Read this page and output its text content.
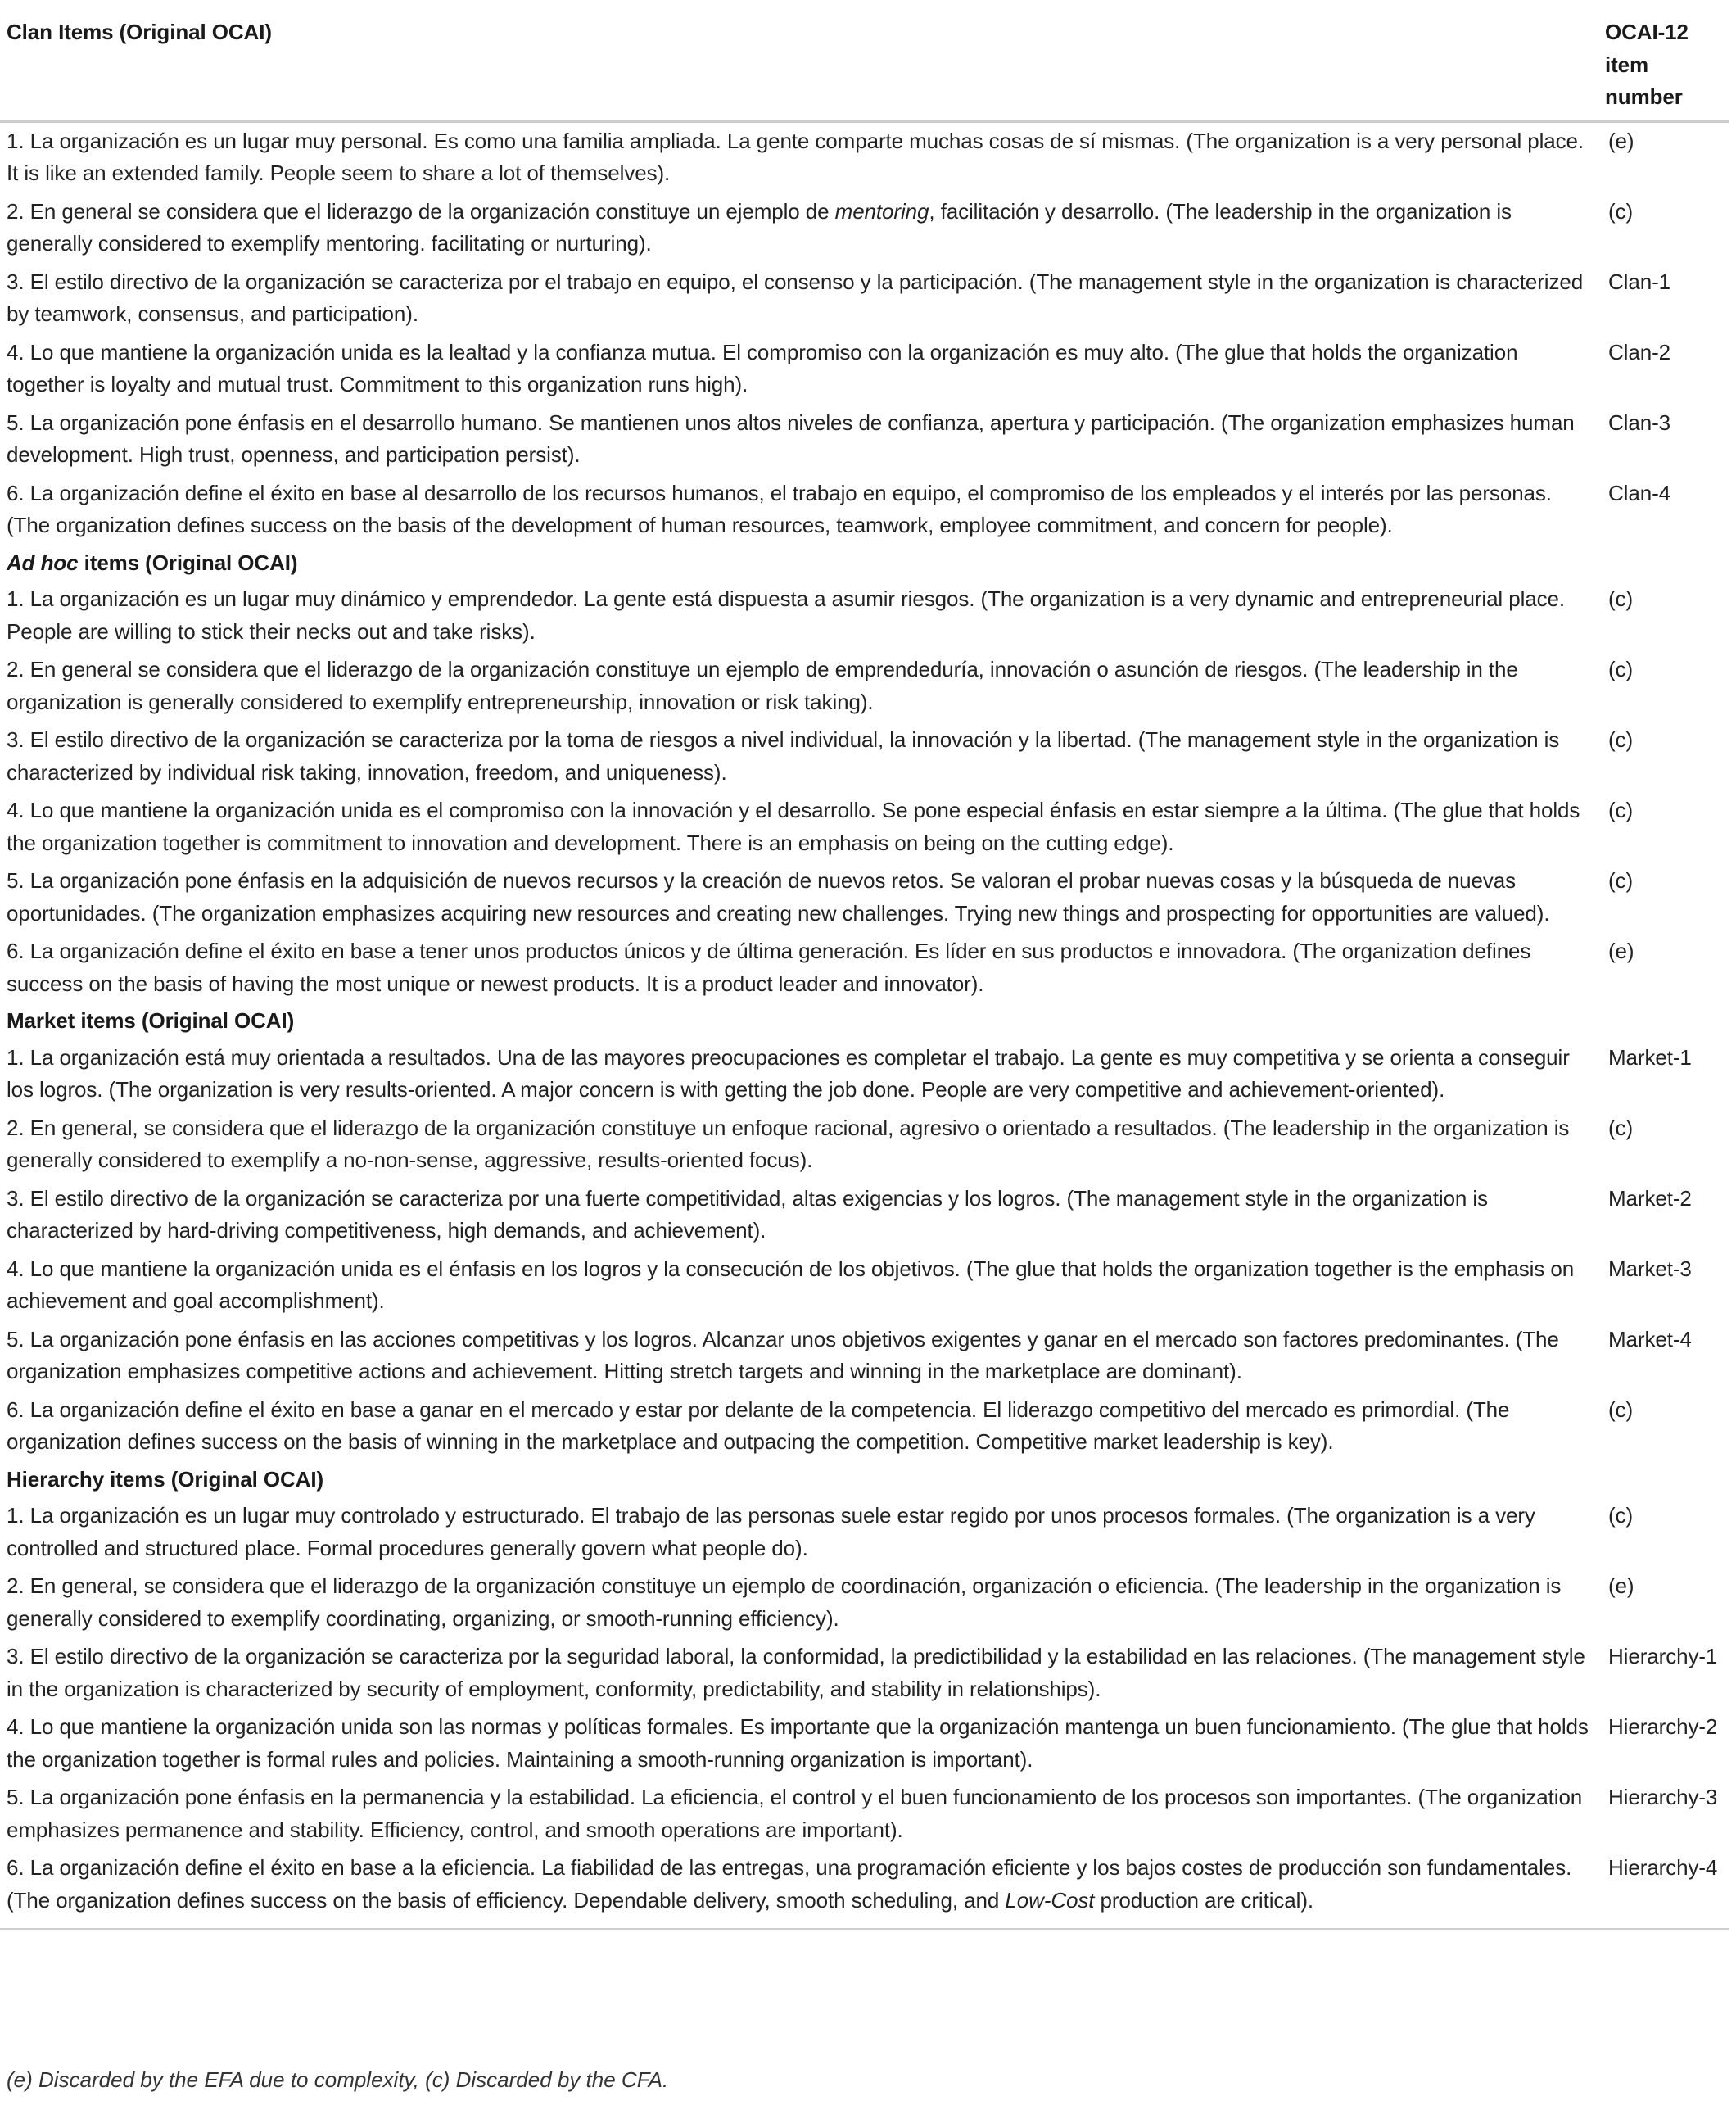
Clan Items (Original OCAI)	OCAI-12 item number

1. La organización es un lugar muy personal. Es como una familia ampliada. La gente comparte muchas cosas de sí mismas. (The organization is a very personal place. It is like an extended family. People seem to share a lot of themselves).	(e)
2. En general se considera que el liderazgo de la organización constituye un ejemplo de mentoring, facilitación y desarrollo. (The leadership in the organization is generally considered to exemplify mentoring. facilitating or nurturing).	(c)
3. El estilo directivo de la organización se caracteriza por el trabajo en equipo, el consenso y la participación. (The management style in the organization is characterized by teamwork, consensus, and participation).	Clan-1
4. Lo que mantiene la organización unida es la lealtad y la confianza mutua. El compromiso con la organización es muy alto. (The glue that holds the organization together is loyalty and mutual trust. Commitment to this organization runs high).	Clan-2
5. La organización pone énfasis en el desarrollo humano. Se mantienen unos altos niveles de confianza, apertura y participación. (The organization emphasizes human development. High trust, openness, and participation persist).	Clan-3
6. La organización define el éxito en base al desarrollo de los recursos humanos, el trabajo en equipo, el compromiso de los empleados y el interés por las personas. (The organization defines success on the basis of the development of human resources, teamwork, employee commitment, and concern for people).	Clan-4
Ad hoc items (Original OCAI)	
1. La organización es un lugar muy dinámico y emprendedor. La gente está dispuesta a asumir riesgos. (The organization is a very dynamic and entrepreneurial place. People are willing to stick their necks out and take risks).	(c)
2. En general se considera que el liderazgo de la organización constituye un ejemplo de emprendeduría, innovación o asunción de riesgos. (The leadership in the organization is generally considered to exemplify entrepreneurship, innovation or risk taking).	(c)
3. El estilo directivo de la organización se caracteriza por la toma de riesgos a nivel individual, la innovación y la libertad. (The management style in the organization is characterized by individual risk taking, innovation, freedom, and uniqueness).	(c)
4. Lo que mantiene la organización unida es el compromiso con la innovación y el desarrollo. Se pone especial énfasis en estar siempre a la última. (The glue that holds the organization together is commitment to innovation and development. There is an emphasis on being on the cutting edge).	(c)
5. La organización pone énfasis en la adquisición de nuevos recursos y la creación de nuevos retos. Se valoran el probar nuevas cosas y la búsqueda de nuevas oportunidades. (The organization emphasizes acquiring new resources and creating new challenges. Trying new things and prospecting for opportunities are valued).	(c)
6. La organización define el éxito en base a tener unos productos únicos y de última generación. Es líder en sus productos e innovadora. (The organization defines success on the basis of having the most unique or newest products. It is a product leader and innovator).	(e)
Market items (Original OCAI)	
1. La organización está muy orientada a resultados. Una de las mayores preocupaciones es completar el trabajo. La gente es muy competitiva y se orienta a conseguir los logros. (The organization is very results-oriented. A major concern is with getting the job done. People are very competitive and achievement-oriented).	Market-1
2. En general, se considera que el liderazgo de la organización constituye un enfoque racional, agresivo o orientado a resultados. (The leadership in the organization is generally considered to exemplify a no-non-sense, aggressive, results-oriented focus).	(c)
3. El estilo directivo de la organización se caracteriza por una fuerte competitividad, altas exigencias y los logros. (The management style in the organization is characterized by hard-driving competitiveness, high demands, and achievement).	Market-2
4. Lo que mantiene la organización unida es el énfasis en los logros y la consecución de los objetivos. (The glue that holds the organization together is the emphasis on achievement and goal accomplishment).	Market-3
5. La organización pone énfasis en las acciones competitivas y los logros. Alcanzar unos objetivos exigentes y ganar en el mercado son factores predominantes. (The organization emphasizes competitive actions and achievement. Hitting stretch targets and winning in the marketplace are dominant).	Market-4
6. La organización define el éxito en base a ganar en el mercado y estar por delante de la competencia. El liderazgo competitivo del mercado es primordial. (The organization defines success on the basis of winning in the marketplace and outpacing the competition. Competitive market leadership is key).	(c)
Hierarchy items (Original OCAI)	
1. La organización es un lugar muy controlado y estructurado. El trabajo de las personas suele estar regido por unos procesos formales. (The organization is a very controlled and structured place. Formal procedures generally govern what people do).	(c)
2. En general, se considera que el liderazgo de la organización constituye un ejemplo de coordinación, organización o eficiencia. (The leadership in the organization is generally considered to exemplify coordinating, organizing, or smooth-running efficiency).	(e)
3. El estilo directivo de la organización se caracteriza por la seguridad laboral, la conformidad, la predictibilidad y la estabilidad en las relaciones. (The management style in the organization is characterized by security of employment, conformity, predictability, and stability in relationships).	Hierarchy-1
4. Lo que mantiene la organización unida son las normas y políticas formales. Es importante que la organización mantenga un buen funcionamiento. (The glue that holds the organization together is formal rules and policies. Maintaining a smooth-running organization is important).	Hierarchy-2
5. La organización pone énfasis en la permanencia y la estabilidad. La eficiencia, el control y el buen funcionamiento de los procesos son importantes. (The organization emphasizes permanence and stability. Efficiency, control, and smooth operations are important).	Hierarchy-3
6. La organización define el éxito en base a la eficiencia. La fiabilidad de las entregas, una programación eficiente y los bajos costes de producción son fundamentales. (The organization defines success on the basis of efficiency. Dependable delivery, smooth scheduling, and Low-Cost production are critical).	Hierarchy-4

(e) Discarded by the EFA due to complexity, (c) Discarded by the CFA.
